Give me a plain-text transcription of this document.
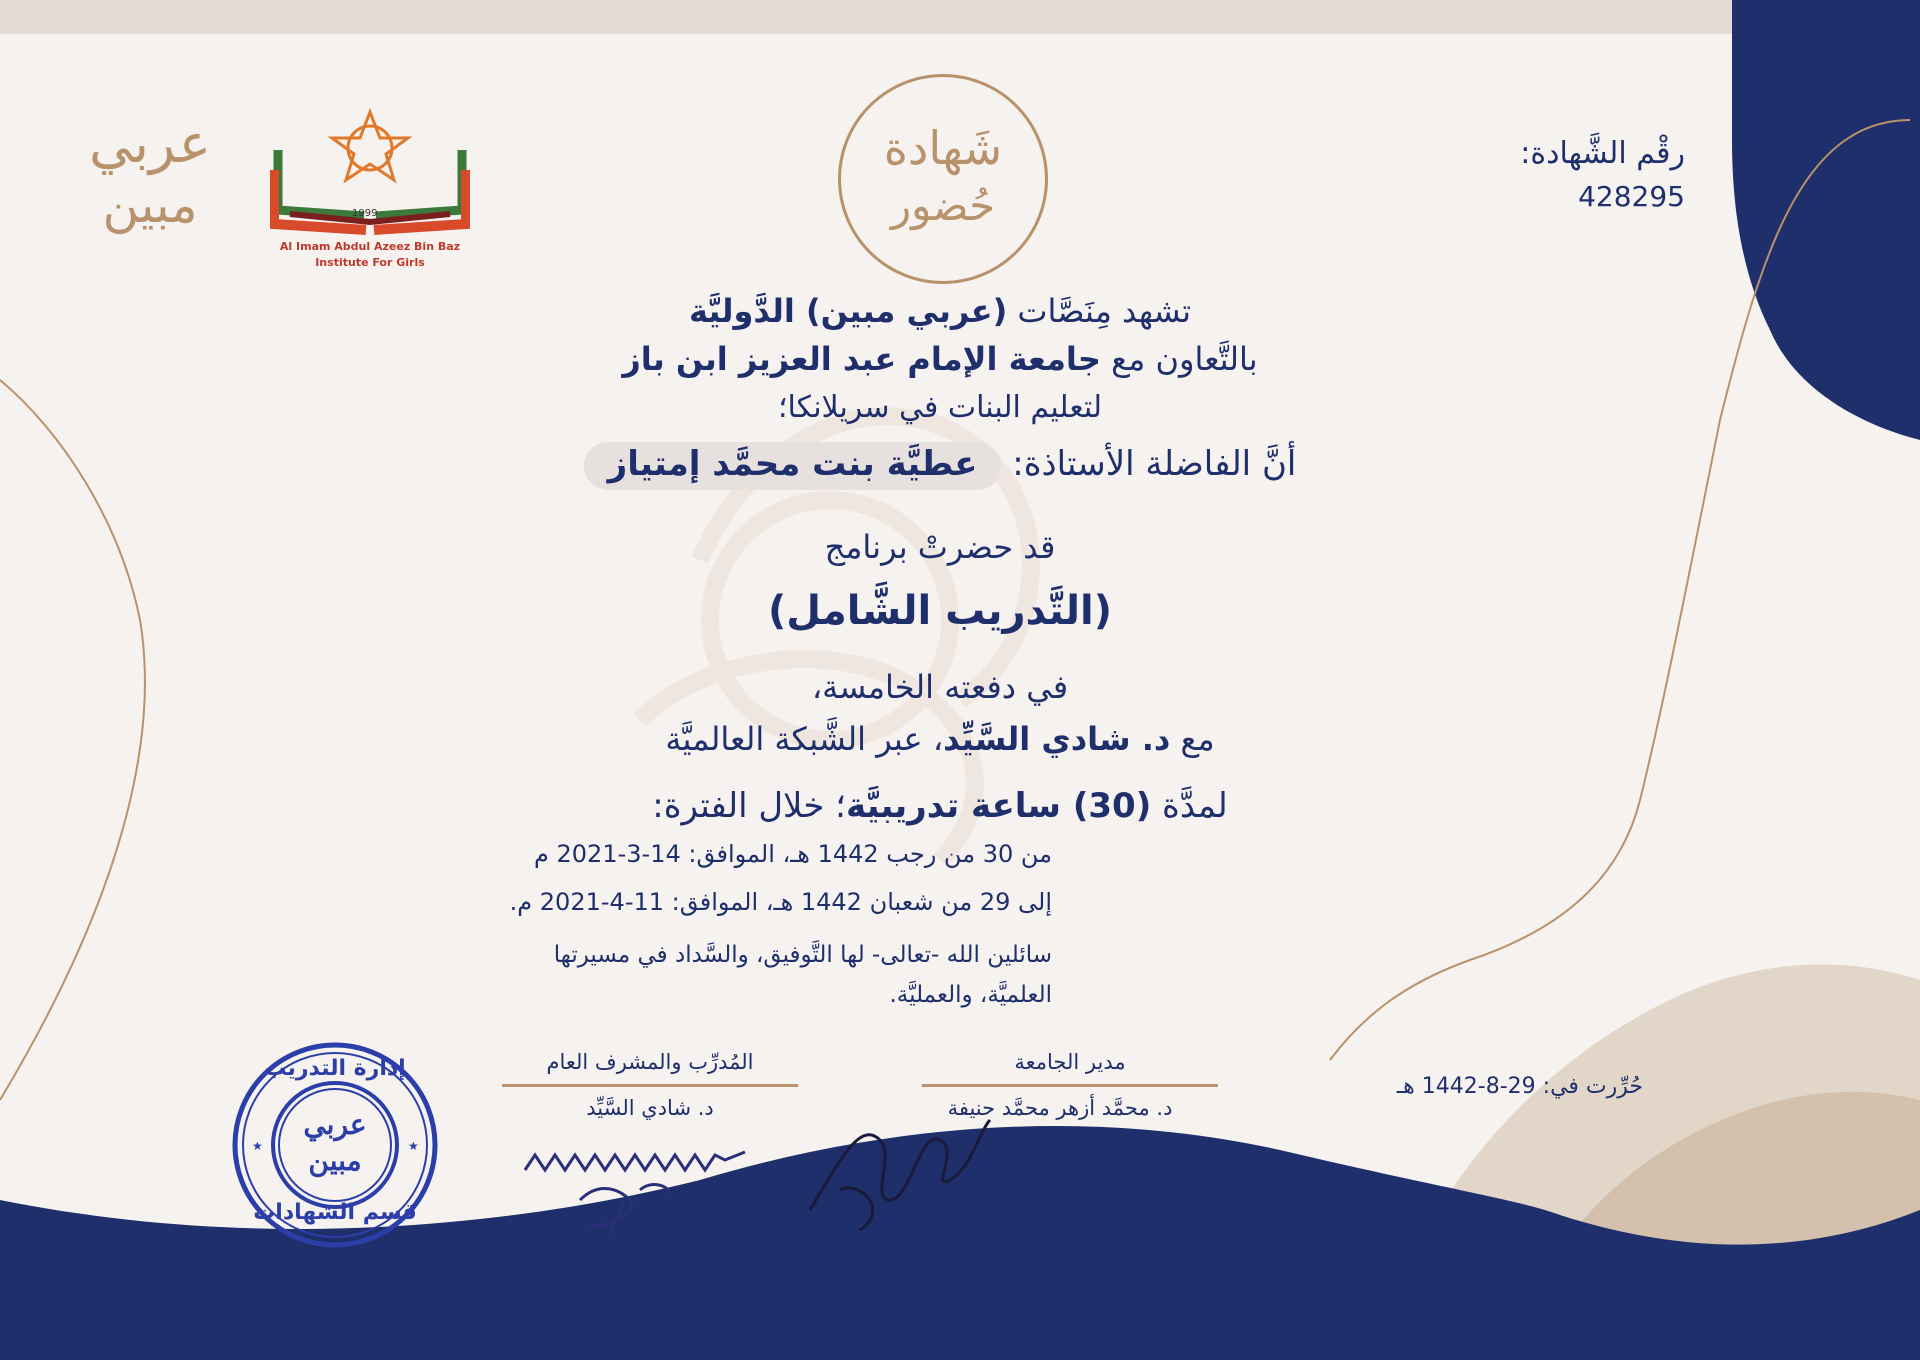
رقْم الشَّهادة:
428295
شَهادة
حُضور
1999
Al Imam Abdul Azeez Bin Baz
Institute For Girls
عربي
مبين
تشهد مِنَصَّات (عربي مبين) الدَّوليَّة
بالتَّعاون مع جامعة الإمام عبد العزيز ابن باز
لتعليم البنات في سريلانكا؛
أنَّ الفاضلة الأستاذة: عطيَّة بنت محمَّد إمتياز
قد حضرتْ برنامج
(التَّدريب الشَّامل)
في دفعته الخامسة،
مع د. شادي السَّيِّد، عبر الشَّبكة العالميَّة
لمدَّة (30) ساعة تدريبيَّة؛ خلال الفترة:
من 30 من رجب 1442 هـ، الموافق: 14-3-2021 م
إلى 29 من شعبان 1442 هـ، الموافق: 11-4-2021 م.
سائلين الله -تعالى- لها التَّوفيق، والسَّداد في مسيرتها
العلميَّة، والعمليَّة.
حُرِّرت في: 29-8-1442 هـ
مدير الجامعة
د. محمَّد أزهر محمَّد حنيفة
المُدرِّب والمشرف العام
د. شادي السَّيِّد
★	★
إدارة التدريب
قسم الشهادات
عربي
مبين
